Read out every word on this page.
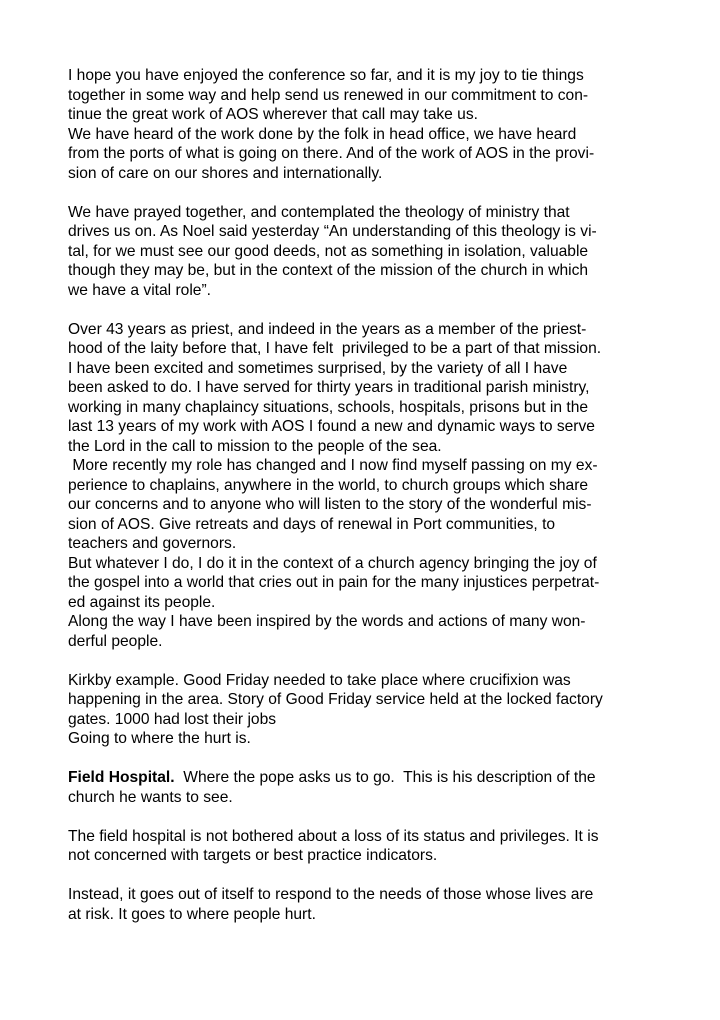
I hope you have enjoyed the conference so far, and it is my joy to tie things
together in some way and help send us renewed in our commitment to con-
tinue the great work of AOS wherever that call may take us.
We have heard of the work done by the folk in head office, we have heard
from the ports of what is going on there. And of the work of AOS in the provi-
sion of care on our shores and internationally.
We have prayed together, and contemplated the theology of ministry that
drives us on. As Noel said yesterday “An understanding of this theology is vi-
tal, for we must see our good deeds, not as something in isolation, valuable
though they may be, but in the context of the mission of the church in which
we have a vital role”.
Over 43 years as priest, and indeed in the years as a member of the priest-
hood of the laity before that, I have felt  privileged to be a part of that mission.
I have been excited and sometimes surprised, by the variety of all I have
been asked to do. I have served for thirty years in traditional parish ministry,
working in many chaplaincy situations, schools, hospitals, prisons but in the
last 13 years of my work with AOS I found a new and dynamic ways to serve
the Lord in the call to mission to the people of the sea.
More recently my role has changed and I now find myself passing on my ex-
perience to chaplains, anywhere in the world, to church groups which share
our concerns and to anyone who will listen to the story of the wonderful mis-
sion of AOS. Give retreats and days of renewal in Port communities, to
teachers and governors.
But whatever I do, I do it in the context of a church agency bringing the joy of
the gospel into a world that cries out in pain for the many injustices perpetrat-
ed against its people.
Along the way I have been inspired by the words and actions of many won-
derful people.
Kirkby example. Good Friday needed to take place where crucifixion was
happening in the area. Story of Good Friday service held at the locked factory
gates. 1000 had lost their jobs
Going to where the hurt is.
Field Hospital.  Where the pope asks us to go.  This is his description of the
church he wants to see.
The field hospital is not bothered about a loss of its status and privileges. It is
not concerned with targets or best practice indicators.
Instead, it goes out of itself to respond to the needs of those whose lives are
at risk. It goes to where people hurt.
